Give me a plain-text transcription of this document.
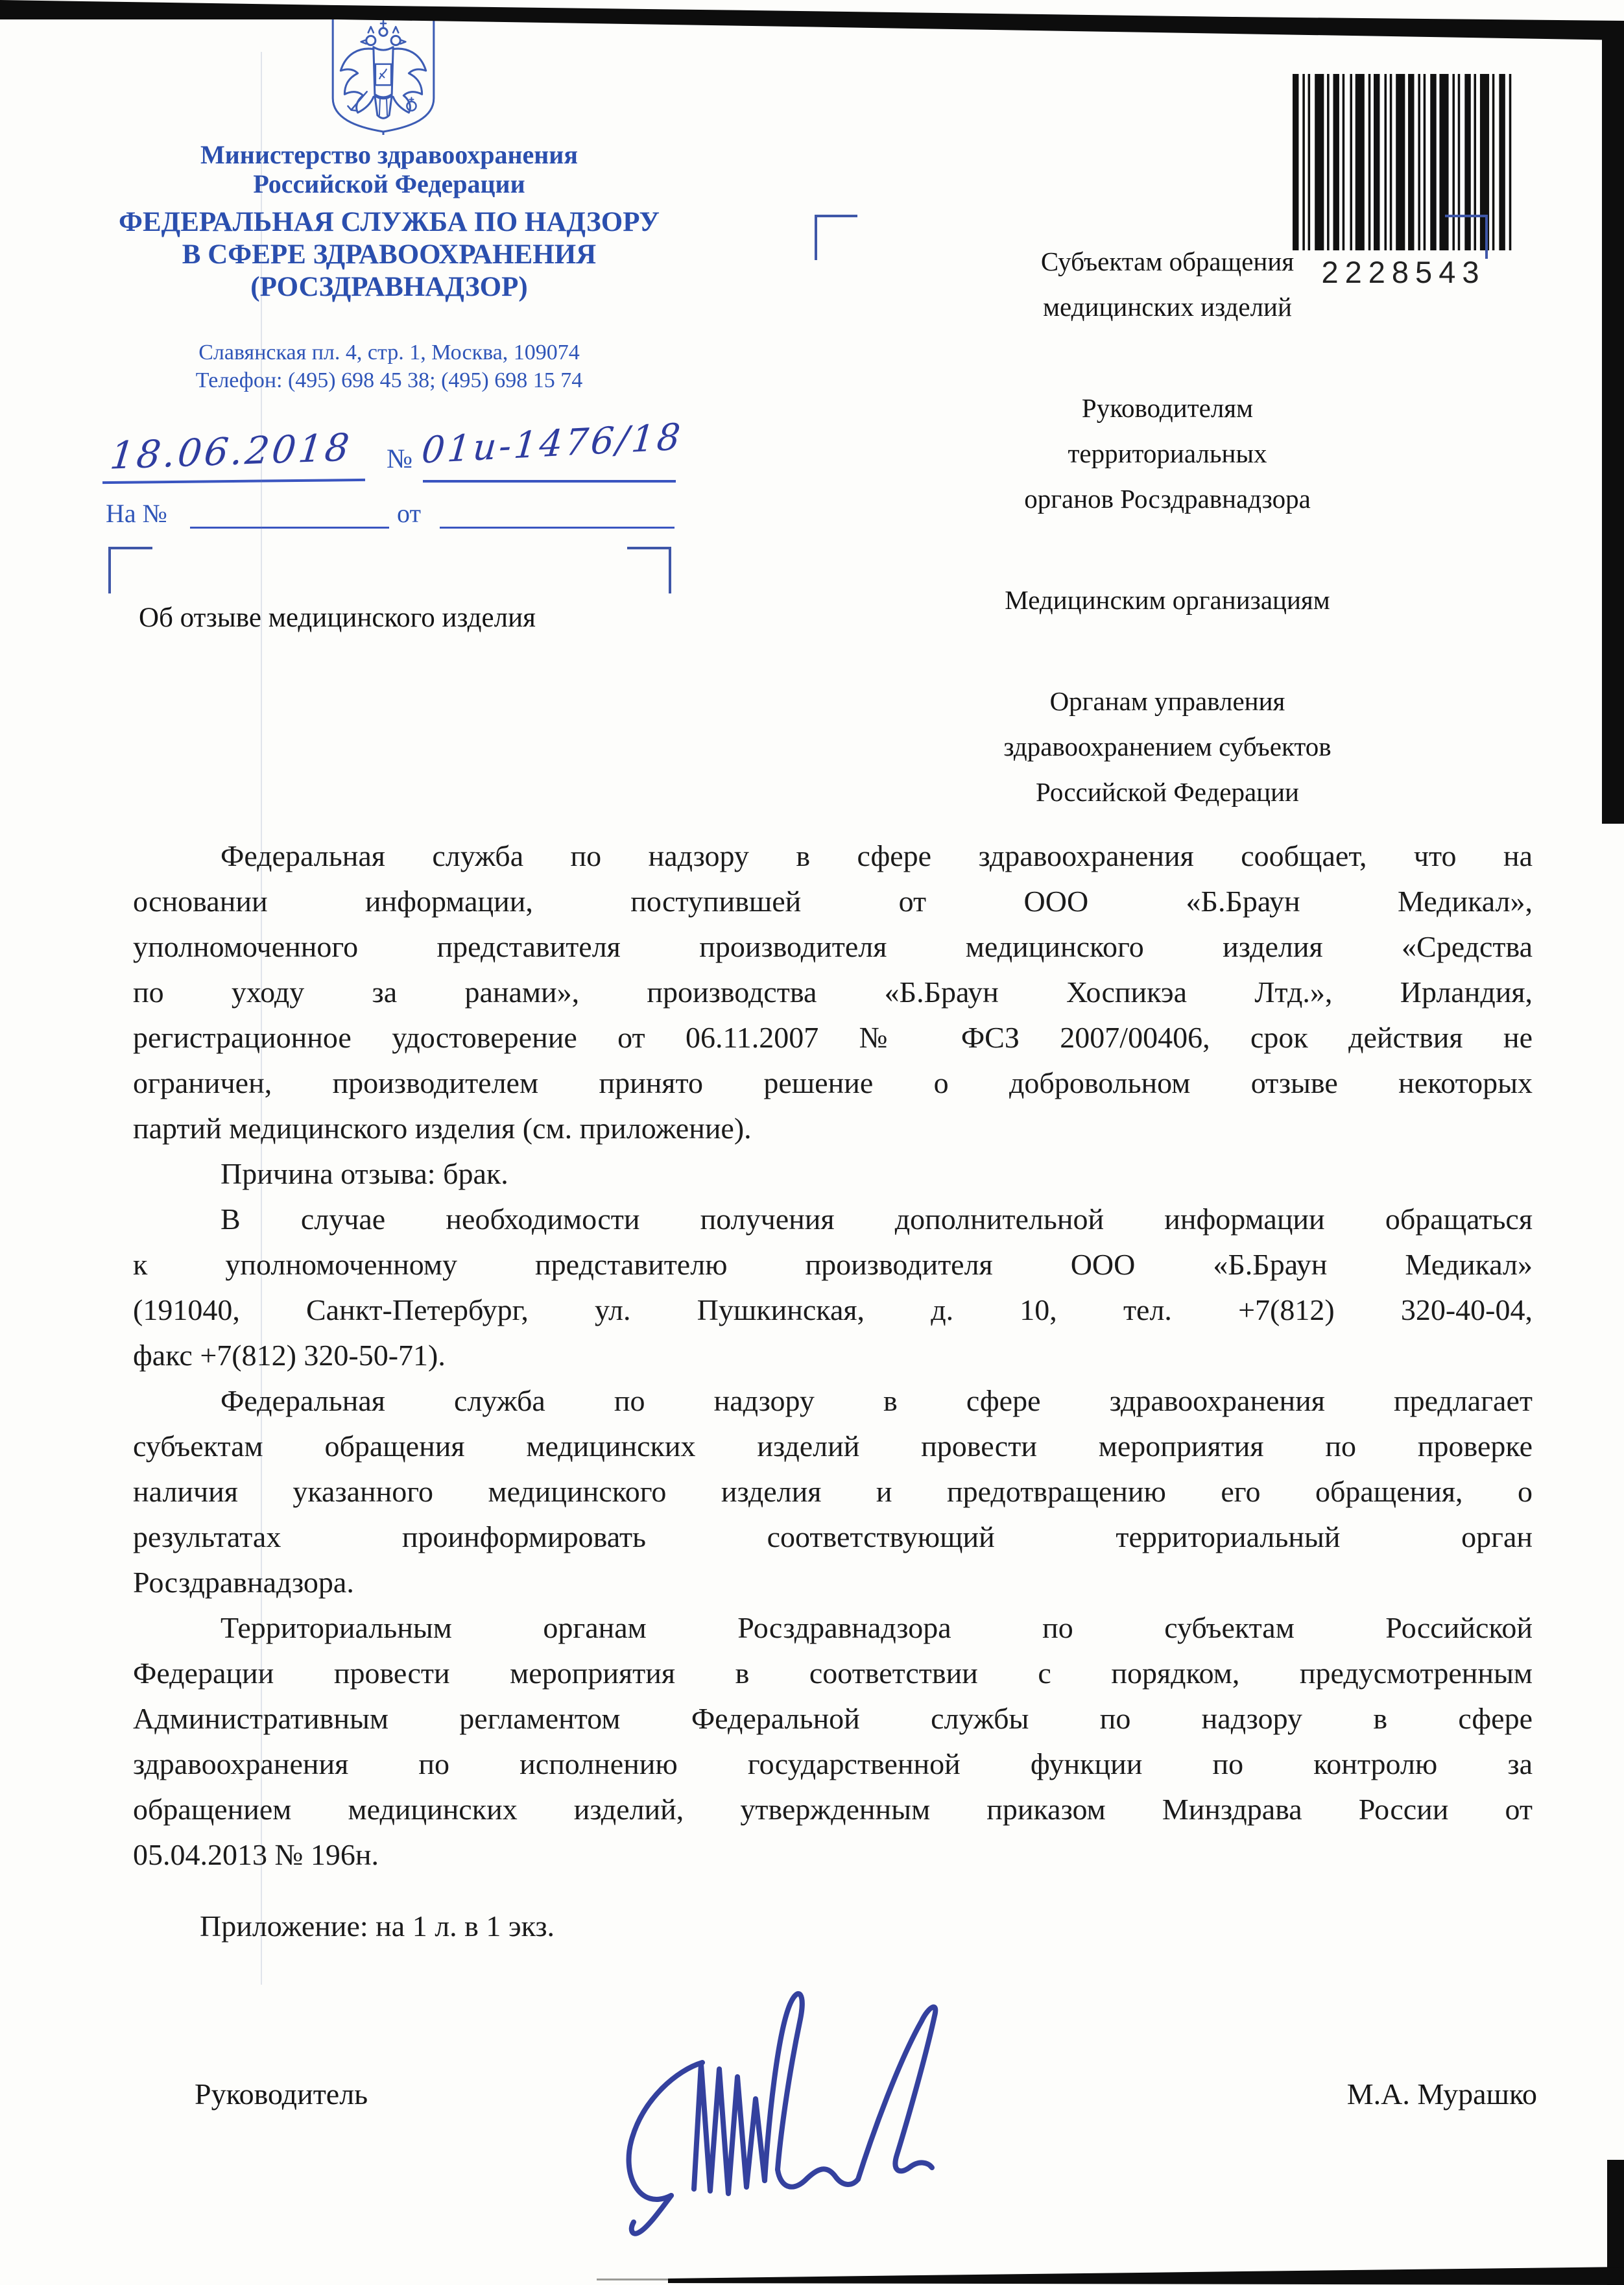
Министерство здравоохранения
Российской Федерации
ФЕДЕРАЛЬНАЯ СЛУЖБА ПО НАДЗОРУ
В СФЕРЕ ЗДРАВООХРАНЕНИЯ
(РОСЗДРАВНАДЗОР)
Славянская пл. 4, стр. 1, Москва, 109074
Телефон: (495) 698 45 38; (495) 698 15 74
18.06.2018 № 01и-1476/18
На №	от
Об отзыве медицинского изделия
2228543
Субъектам обращения
медицинских изделий
Руководителям
территориальных
органов Росздравнадзора
Медицинским организациям
Органам управления
здравоохранением субъектов
Российской Федерации
Федеральная служба по надзору в сфере здравоохранения сообщает, что на
основании информации, поступившей от ООО «Б.Браун Медикал»,
уполномоченного представителя производителя медицинского изделия «Средства
по уходу за ранами», производства «Б.Браун Хоспикэа Лтд.», Ирландия,
регистрационное удостоверение от 06.11.2007 № ФСЗ 2007/00406, срок действия не
ограничен, производителем принято решение о добровольном отзыве некоторых
партий медицинского изделия (см. приложение).
Причина отзыва: брак.
В случае необходимости получения дополнительной информации обращаться
к уполномоченному представителю производителя ООО «Б.Браун Медикал»
(191040, Санкт-Петербург, ул. Пушкинская, д. 10, тел. +7(812) 320-40-04,
факс +7(812) 320-50-71).
Федеральная служба по надзору в сфере здравоохранения предлагает
субъектам обращения медицинских изделий провести мероприятия по проверке
наличия указанного медицинского изделия и предотвращению его обращения, о
результатах проинформировать соответствующий территориальный орган
Росздравнадзора.
Территориальным органам Росздравнадзора по субъектам Российской
Федерации провести мероприятия в соответствии с порядком, предусмотренным
Административным регламентом Федеральной службы по надзору в сфере
здравоохранения по исполнению государственной функции по контролю за
обращением медицинских изделий, утвержденным приказом Минздрава России от
05.04.2013 № 196н.
Приложение: на 1 л. в 1 экз.
Руководитель	М.А. Мурашко
